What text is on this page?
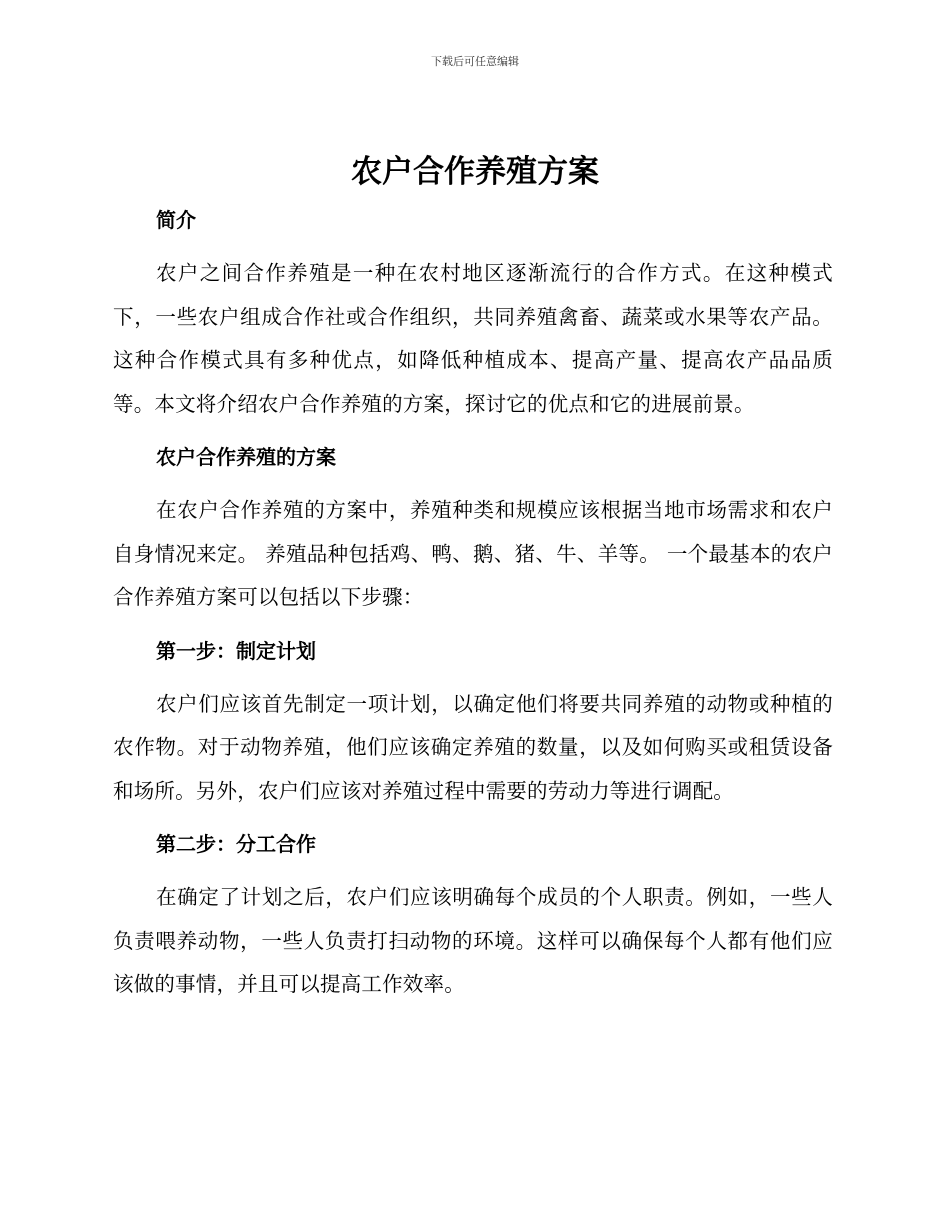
下载后可任意编辑
农户合作养殖方案
简介

农户之间合作养殖是一种在农村地区逐渐流行的合作方式。在这种模式下，一些农户组成合作社或合作组织，共同养殖禽畜、蔬菜或水果等农产品。这种合作模式具有多种优点，如降低种植成本、提高产量、提高农产品品质等。本文将介绍农户合作养殖的方案，探讨它的优点和它的进展前景。

农户合作养殖的方案

在农户合作养殖的方案中，养殖种类和规模应该根据当地市场需求和农户自身情况来定。 养殖品种包括鸡、鸭、鹅、猪、牛、羊等。 一个最基本的农户合作养殖方案可以包括以下步骤：

第一步：制定计划

农户们应该首先制定一项计划，以确定他们将要共同养殖的动物或种植的农作物。对于动物养殖，他们应该确定养殖的数量，以及如何购买或租赁设备和场所。另外，农户们应该对养殖过程中需要的劳动力等进行调配。

第二步：分工合作

在确定了计划之后，农户们应该明确每个成员的个人职责。例如，一些人负责喂养动物，一些人负责打扫动物的环境。这样可以确保每个人都有他们应该做的事情，并且可以提高工作效率。
